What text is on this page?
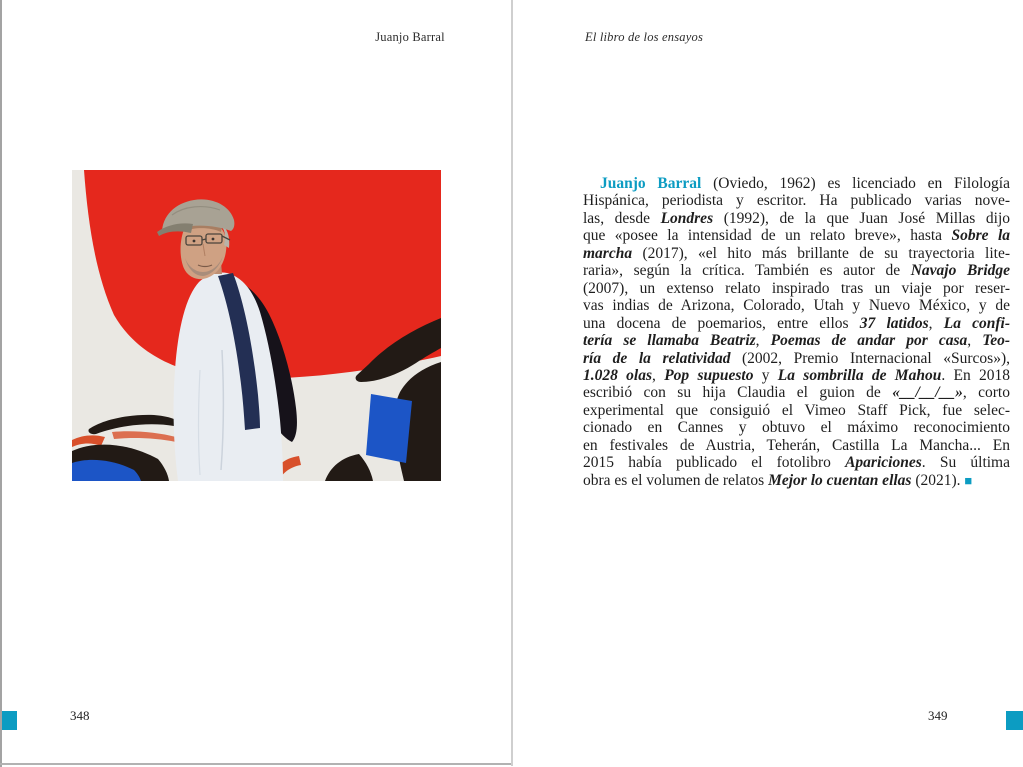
Juanjo Barral
348
El libro de los ensayos
Juanjo Barral (Oviedo, 1962) es licenciado en Filología
Hispánica, periodista y escritor. Ha publicado varias nove-
las, desde Londres (1992), de la que Juan José Millas dijo
que «posee la intensidad de un relato breve», hasta Sobre la
marcha (2017), «el hito más brillante de su trayectoria lite-
raria», según la crítica. También es autor de Navajo Bridge
(2007), un extenso relato inspirado tras un viaje por reser-
vas indias de Arizona, Colorado, Utah y Nuevo México, y de
una docena de poemarios, entre ellos 37 latidos, La confi-
tería se llamaba Beatriz, Poemas de andar por casa, Teo-
ría de la relatividad (2002, Premio Internacional «Surcos»),
1.028 olas, Pop supuesto y La sombrilla de Mahou. En 2018
escribió con su hija Claudia el guion de «__/__/__», corto
experimental que consiguió el Vimeo Staff Pick, fue selec-
cionado en Cannes y obtuvo el máximo reconocimiento
en festivales de Austria, Teherán, Castilla La Mancha... En
2015 había publicado el fotolibro Apariciones. Su última
obra es el volumen de relatos Mejor lo cuentan ellas (2021). ■
349
